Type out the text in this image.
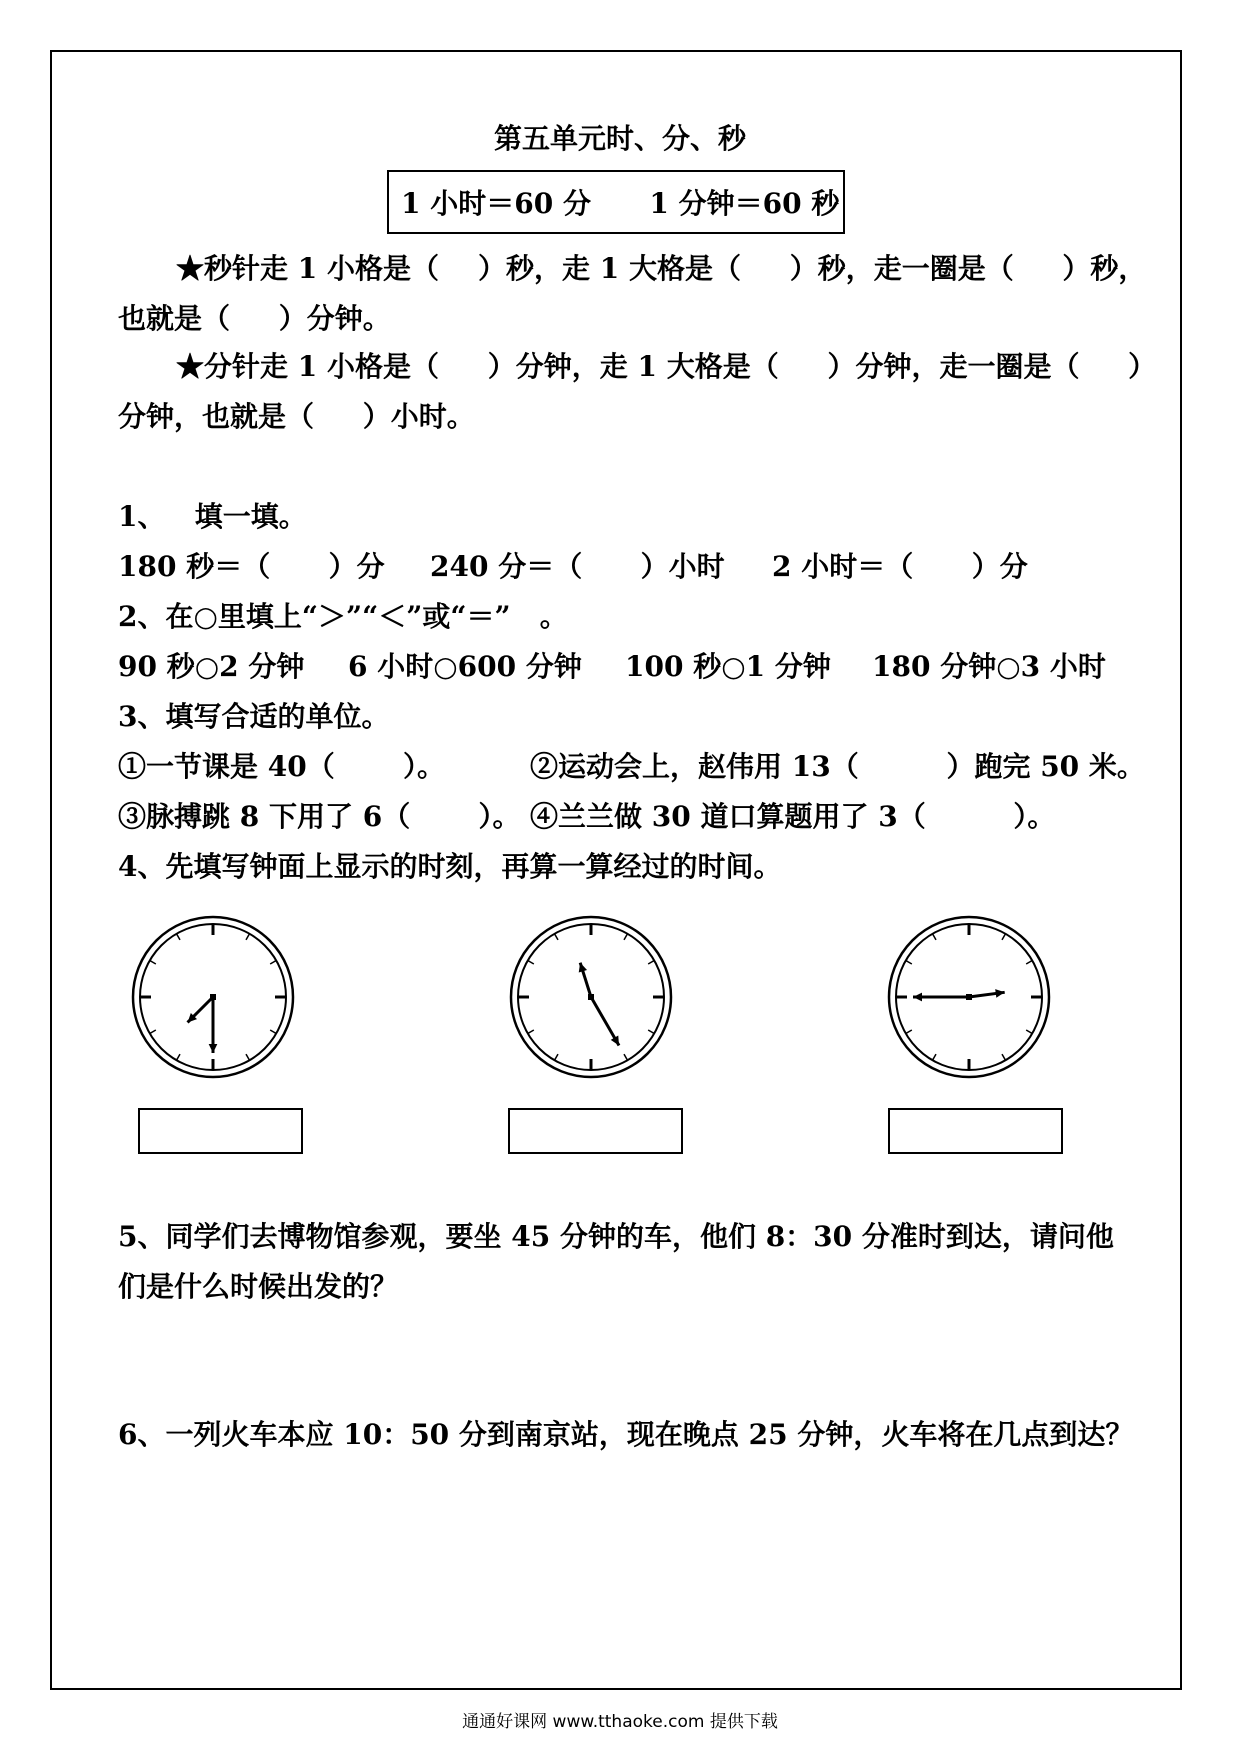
第五单元时、分、秒
1 小时＝60 分      1 分钟＝60 秒
★秒针走 1 小格是（    ）秒，走 1 大格是（     ）秒，走一圈是（     ）秒，
也就是（     ）分钟。
★分针走 1 小格是（     ）分钟，走 1 大格是（     ）分钟，走一圈是（     ）
分钟，也就是（     ）小时。
1、   填一填。
180 秒＝（      ）分 240 分＝（      ）小时 2 小时＝（      ）分
2、在○里填上“＞”“＜”或“＝”   。
90 秒○2 分钟 6 小时○600 分钟 100 秒○1 分钟 180 分钟○3 小时
3、填写合适的单位。
①一节课是 40（       ）。	②运动会上，赵伟用 13（         ）跑完 50 米。
③脉搏跳 8 下用了 6（       ）。 ④兰兰做 30 道口算题用了 3（         ）。
4、先填写钟面上显示的时刻，再算一算经过的时间。
5、同学们去博物馆参观，要坐 45 分钟的车，他们 8：30 分准时到达，请问他
们是什么时候出发的？
6、一列火车本应 10：50 分到南京站，现在晚点 25 分钟，火车将在几点到达？
通通好课网 www.tthaoke.com 提供下载
